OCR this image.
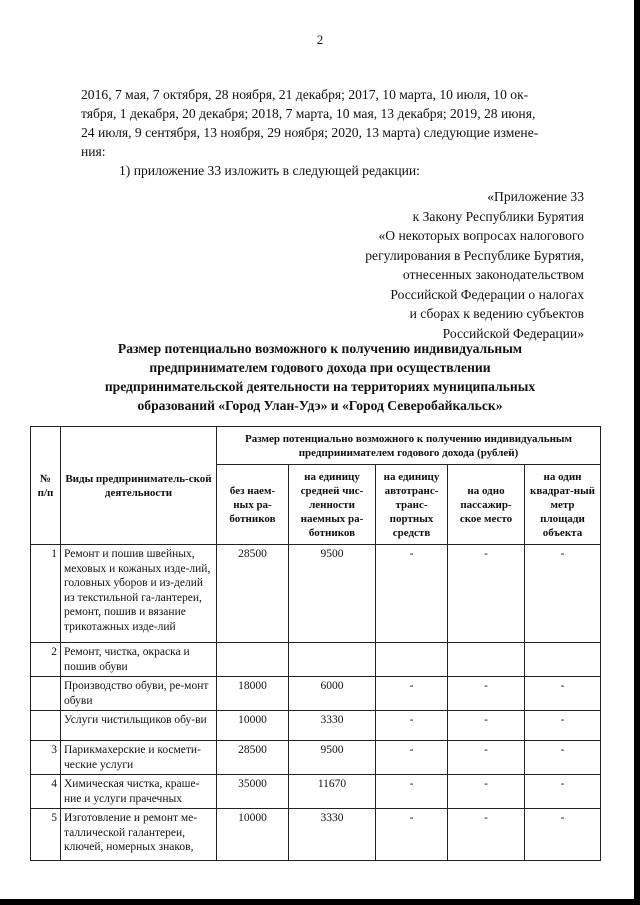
2
2016, 7 мая, 7 октября, 28 ноября, 21 декабря; 2017, 10 марта, 10 июля, 10 ок-
тября, 1 декабря, 20 декабря; 2018, 7 марта, 10 мая, 13 декабря; 2019, 28 июня,
24 июля, 9 сентября, 13 ноября, 29 ноября; 2020, 13 марта) следующие измене-
ния:
1) приложение 33 изложить в следующей редакции:
«Приложение 33
к Закону Республики Бурятия
«О некоторых вопросах налогового
регулирования в Республике Бурятия,
отнесенных законодательством
Российской Федерации о налогах
и сборах к ведению субъектов
Российской Федерации»
Размер потенциально возможного к получению индивидуальным
предпринимателем годового дохода при осуществлении
предпринимательской деятельности на территориях муниципальных
образований «Город Улан-Удэ» и «Город Северобайкальск»
№ п/п	Виды предприниматель-ской деятельности	Размер потенциально возможного к получению индивидуальным предпринимателем годового дохода (рублей)				
		без наем-ных ра-ботников	на единицу средней чис-ленности наемных ра-ботников	на единицу автотранс-транс-портных средств	на одно пассажир-ское место	на один квадрат-ный метр площади объекта
1	Ремонт и пошив швейных, меховых и кожаных изде-лий, головных уборов и из-делий из текстильной га-лантереи, ремонт, пошив и вязание трикотажных изде-лий	28500	9500	-	-	-
2	Ремонт, чистка, окраска и пошив обуви					
	Производство обуви, ре-монт обуви	18000	6000	-	-	-
	Услуги чистильщиков обу-ви	10000	3330	-	-	-
3	Парикмахерские и космети-ческие услуги	28500	9500	-	-	-
4	Химическая чистка, краше-ние и услуги прачечных	35000	11670	-	-	-
5	Изготовление и ремонт ме-таллической галантереи, ключей, номерных знаков,	10000	3330	-	-	-
